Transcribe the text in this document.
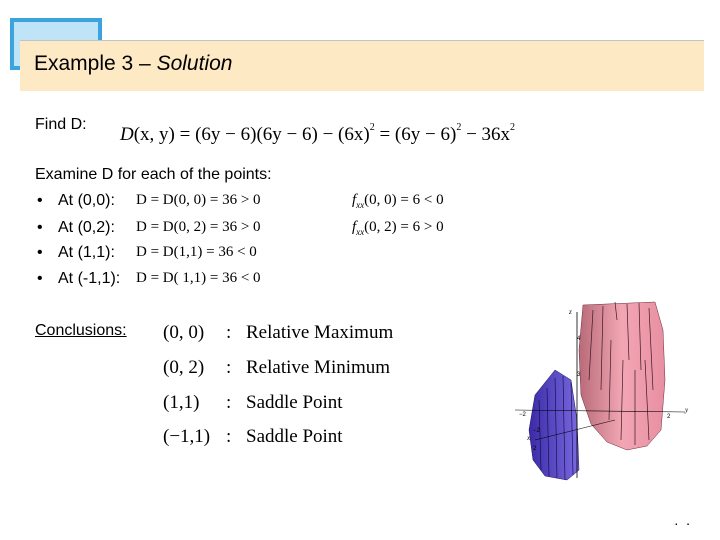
Example 3 – Solution
Find D: D(x, $y) = (6y - 6)(6y - 6) - (6x)^2 = (6y - 6)^2 - 36x^2$
Examine D for each of the points:
• At (0,0): D = D(0, 0) = 36 > 0	$f_{xx}(0$, 0) = 6 < 0
• At (0,2): D = D(0, 2) = 36 > 0	$f_{xx}(0$, 2) = 6 > 0
• At (1,1): D = D(1,1) = 36 < 0
• At (-1,1): D = D( 1,1) = 36 < 0
Conclusions: (0, 0) : Relative Maximum
(0, 2) : Relative Minimum
(1,1) : Saddle Point
(−1,1) : Saddle Point
z
y
x
4
3
−2	2
−2
2
. .
